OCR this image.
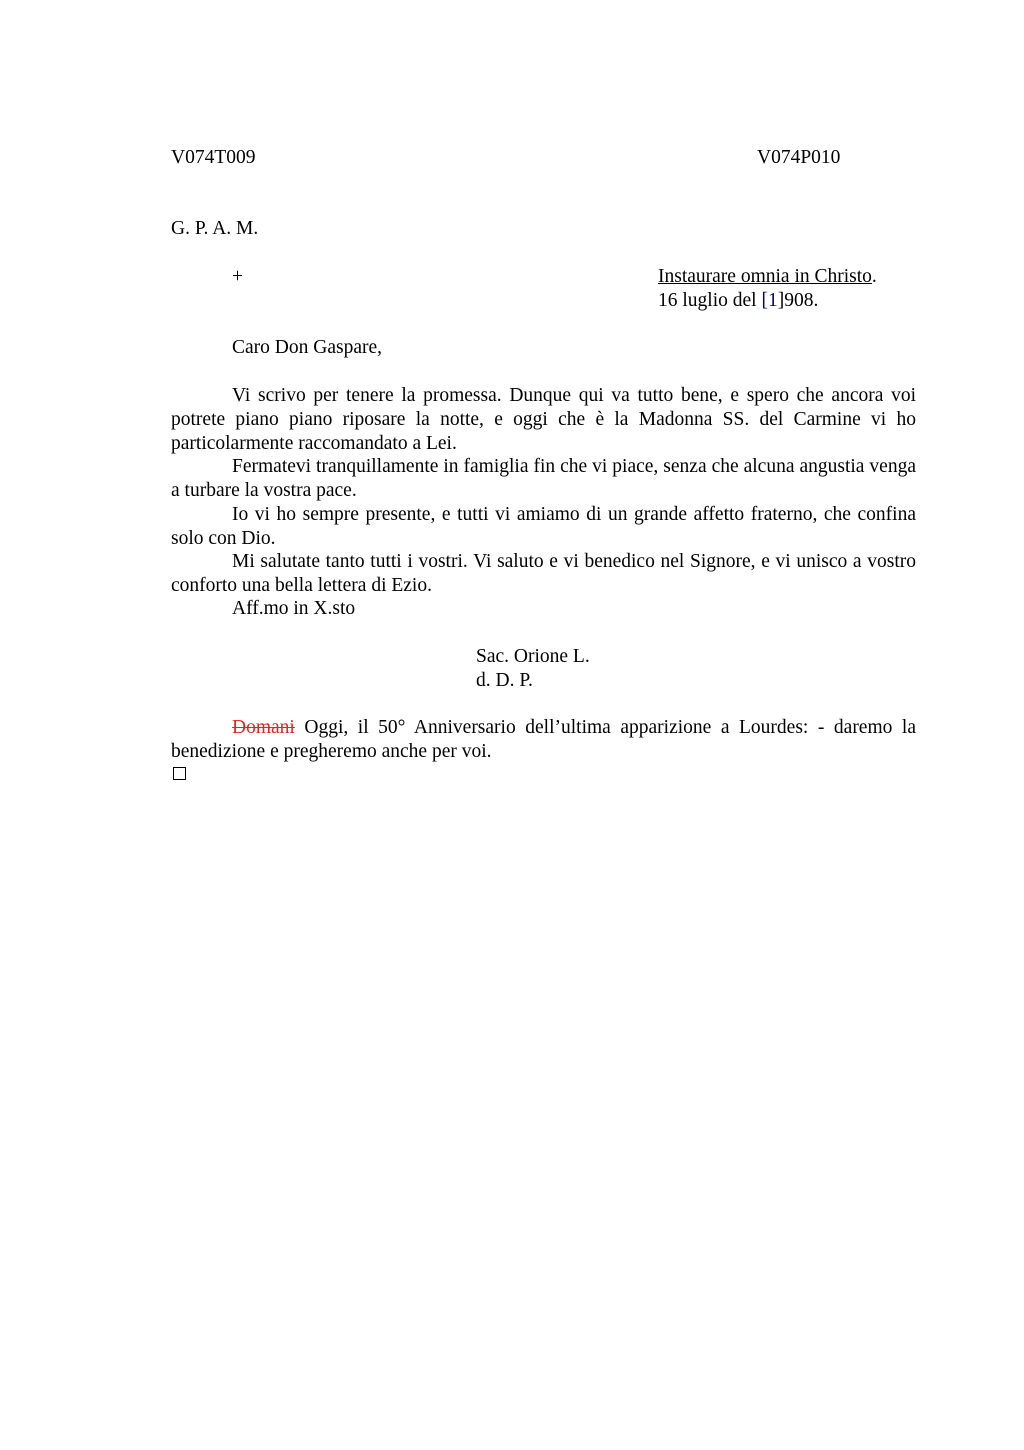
V074T009	V074P010
G. P. A. M.
+	Instaurare omnia in Christo.
16 luglio del [1]908.
Caro Don Gaspare,
Vi scrivo per tenere la promessa. Dunque qui va tutto bene, e spero che ancora voi potrete piano piano riposare la notte, e oggi che è la Madonna SS. del Carmine vi ho particolarmente raccomandato a Lei.
Fermatevi tranquillamente in famiglia fin che vi piace, senza che alcuna angustia venga a turbare la vostra pace.
Io vi ho sempre presente, e tutti vi amiamo di un grande affetto fraterno, che confina solo con Dio.
Mi salutate tanto tutti i vostri. Vi saluto e vi benedico nel Signore, e vi unisco a vostro conforto una bella lettera di Ezio.
Aff.mo in X.sto
Sac. Orione L.
d. D. P.
Domani Oggi, il 50° Anniversario dell’ultima apparizione a Lourdes: - daremo la benedizione e pregheremo anche per voi.
